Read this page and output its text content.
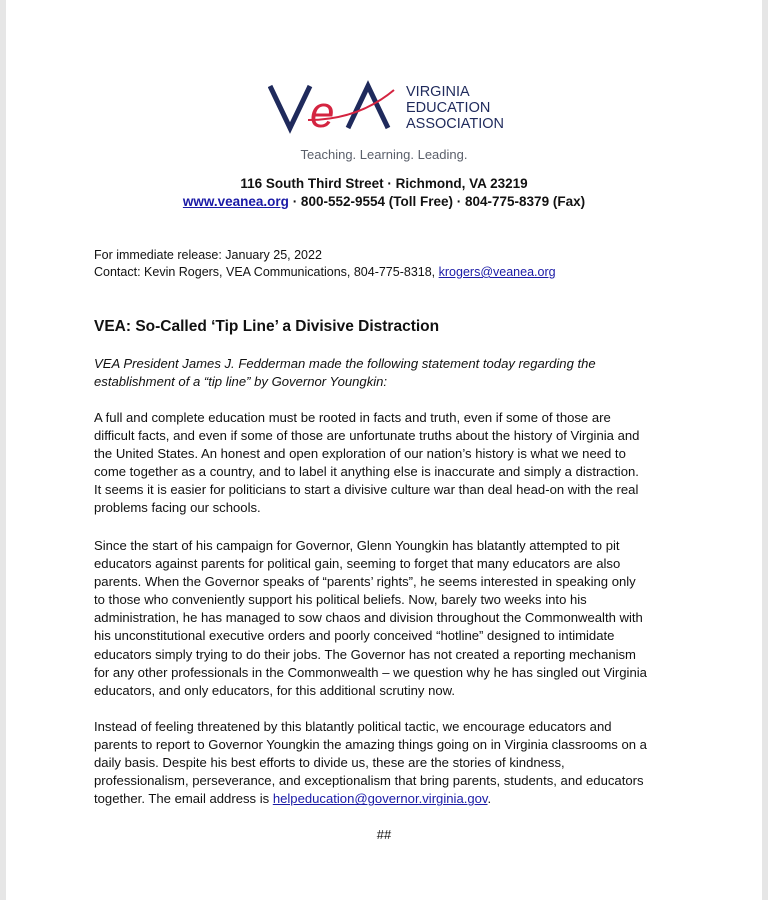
e	VIRGINIA
EDUCATION
ASSOCIATION
Teaching. Learning. Leading.
116 South Third Street · Richmond, VA 23219
www.veanea.org · 800-552-9554 (Toll Free) · 804-775-8379 (Fax)
For immediate release: January 25, 2022
Contact: Kevin Rogers, VEA Communications, 804-775-8318, krogers@veanea.org
VEA: So-Called ‘Tip Line’ a Divisive Distraction
VEA President James J. Fedderman made the following statement today regarding the
establishment of a “tip line” by Governor Youngkin:
A full and complete education must be rooted in facts and truth, even if some of those are
difficult facts, and even if some of those are unfortunate truths about the history of Virginia and
the United States. An honest and open exploration of our nation’s history is what we need to
come together as a country, and to label it anything else is inaccurate and simply a distraction.
It seems it is easier for politicians to start a divisive culture war than deal head-on with the real
problems facing our schools.
Since the start of his campaign for Governor, Glenn Youngkin has blatantly attempted to pit
educators against parents for political gain, seeming to forget that many educators are also
parents. When the Governor speaks of “parents’ rights”, he seems interested in speaking only
to those who conveniently support his political beliefs. Now, barely two weeks into his
administration, he has managed to sow chaos and division throughout the Commonwealth with
his unconstitutional executive orders and poorly conceived “hotline” designed to intimidate
educators simply trying to do their jobs. The Governor has not created a reporting mechanism
for any other professionals in the Commonwealth – we question why he has singled out Virginia
educators, and only educators, for this additional scrutiny now.
Instead of feeling threatened by this blatantly political tactic, we encourage educators and
parents to report to Governor Youngkin the amazing things going on in Virginia classrooms on a
daily basis. Despite his best efforts to divide us, these are the stories of kindness,
professionalism, perseverance, and exceptionalism that bring parents, students, and educators
together. The email address is helpeducation@governor.virginia.gov.
##
